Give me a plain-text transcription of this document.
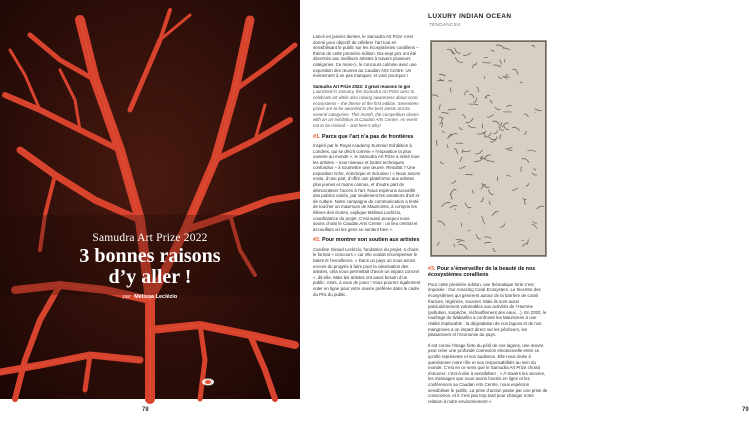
Samudra Art Prize 2022
3 bonnes raisons
d’y aller !
par Mélissa Leclézio
78
LUXURY INDIAN OCEAN
TENDANCES

Lancé en janvier dernier, le Samudra Art Prize s’est donné pour objectif de célébrer l’art tout en sensibilisant le public sur les écosystèmes coralliens – thème de cette première édition. Dix-sept prix ont été décernés aux meilleurs artistes à travers plusieurs catégories. Ce mois-ci, le concours culmine avec une exposition des œuvres au Caudan Arts Centre. Un événement à ne pas manquer, et voici pourquoi !

Samudra Art Prize 2022: 3 great reasons to go! Launched in January, the Samudra Art Prize aims to celebrate art while also raising awareness about coral ecosystems – the theme of the first edition. Seventeen prizes are to be awarded to the best artists across several categories. This month, the competition closes with an art exhibition at Caudan Arts Centre. An event not to be missed – and here’s why!

#1. Parce que l’art n’a pas de frontières

Inspiré par le Royal Academy Summer Exhibition à Londres, qui se décrit comme « l’exposition la plus ouverte au monde », le Samudra Art Prize a invité tous les artistes – tous niveaux et toutes techniques confondus – à soumettre une œuvre. Résultat ? Une exposition riche, éclectique et inclusive ! « Nous avions envie, d’une part, d’offrir une plateforme aux artistes plus jeunes et moins connus, et d’autre part de démocratiser l’accès à l’art. Nous espérons accueillir des publics variés, par seulement les amateurs d’art et de culture. Notre campagne de communication a tenté de toucher un maximum de Mauriciens, à compris les élèves des écoles, explique Mélissa Leclézio, coordinatrice du projet. C’est aussi pourquoi nous avons choisi le Caudan Arts Centre : un lieu central et accueillant où les gens se sentent bien ».

#2. Pour montrer son soutien aux artistes

Caroline Giraud Leclézio, fondatrice du projet, a choisi le format « concours » car elle voulait récompenser le talent et l’excellence. « Dans un pays où nous avons encore du progrès à faire pour la valorisation des artistes, cela nous permettait d’avoir un impact concret », dit-elle. Mais les artistes ont aussi besoin d’un public. Alors, à vous de jouer ! Vous pourrez également voter en ligne pour votre œuvre préférée dans le cadre du Prix du public.

#3. Pour s’émerveiller de la beauté de nos écosystèmes coralliens

Pour cette première édition, une thématique forte s’est imposée : Our Amazing Coral Ecosystem. Le tricentre des écosystèmes qui génèrent autour de la barrière de corail fracture, régénère, souvent. Mais ils sont aussi particulièrement vulnérables aux activités de l’Homme (pollution, surpêche, réchauffement des eaux…). En 2020, le naufrage du Wakashio a confronté les Mauriciens à une réalité implacable : la dégradation de nos lagons et de nos mangroves a un impact direct sur les pêcheurs, les plaisanciers et l’économie du pays.

Il est connu l’image forte du péril de nos lagons, une œuvre peut créer une profonde connexion émotionnelle entre ce qu’elle représente et son audience. Elle nous invite à questionner notre rôle et nos responsabilités au sein du monde. C’est en ce sens que le Samudra Art Prize choisit d’œuvrer, c’est-à-dire à sensibiliser : « À travers les œuvres, les messages que nous avons fournis en ligne et les conférences au Caudan Arts Centre, nous espérons sensibiliser le public. La prise d’action passe par une prise de conscience, et il n’est pas trop tard pour changer notre relation à notre environnement ».

79
